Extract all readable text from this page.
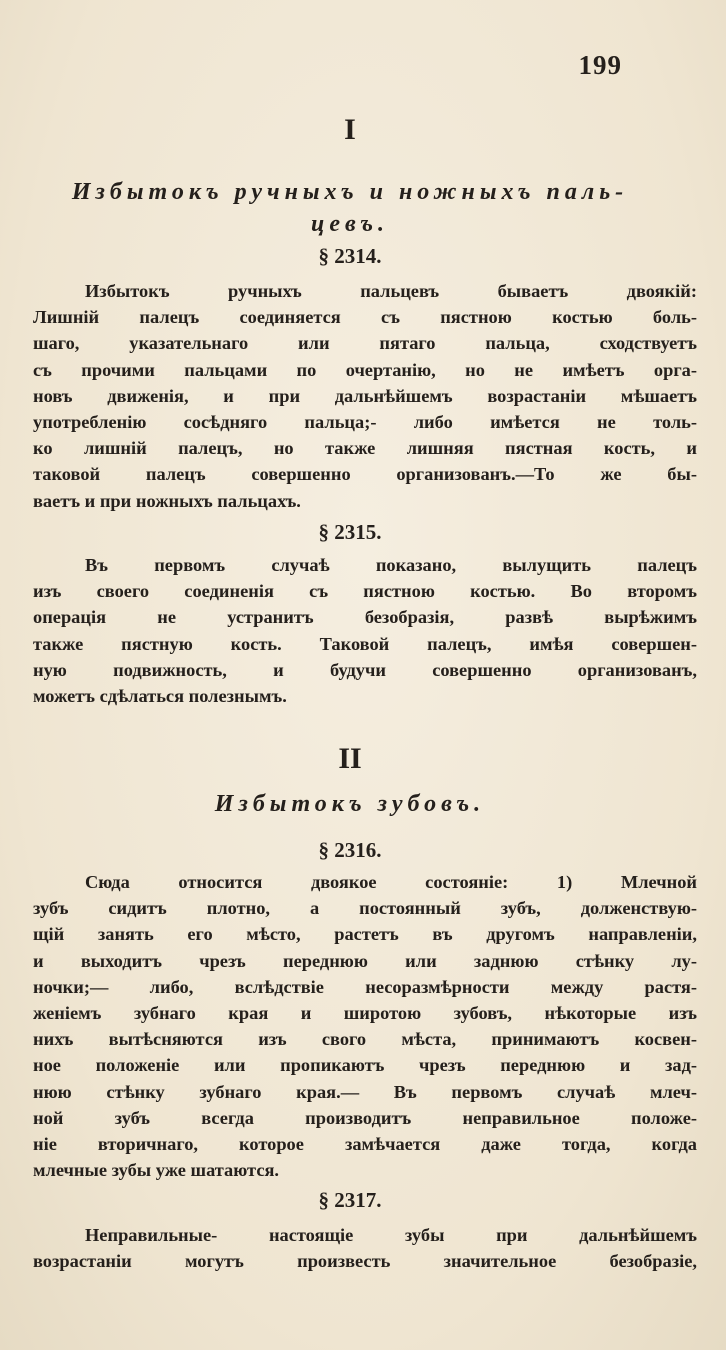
199
I
Избытокъ ручныхъ и ножныхъ паль-
цевъ.
§ 2314.
Избытокъ ручныхъ пальцевъ бываетъ двоякій:
Лишній палецъ соединяется съ пястною костью боль-
шаго, указательнаго или пятаго пальца, сходствуетъ
съ прочими пальцами по очертанію, но не имѣетъ орга-
новъ движенія, и при дальнѣйшемъ возрастаніи мѣшаетъ
употребленію сосѣдняго пальца;- либо имѣется не толь-
ко лишній палецъ, но также лишняя пястная кость, и
таковой палецъ совершенно организованъ.—То же бы-
ваетъ и при ножныхъ пальцахъ.
§ 2315.
Въ первомъ случаѣ показано, вылущить палецъ
изъ своего соединенія съ пястною костью. Во второмъ
операція не устранитъ безобразія, развѣ вырѣжимъ
также пястную кость. Таковой палецъ, имѣя совершен-
ную подвижность, и будучи совершенно организованъ,
можетъ сдѣлаться полезнымъ.
II
Избытокъ зубовъ.
§ 2316.
Сюда относится двоякое состояніе: 1) Млечной
зубъ сидитъ плотно, а постоянный зубъ, долженствую-
щій занять его мѣсто, растетъ въ другомъ направленіи,
и выходитъ чрезъ переднюю или заднюю стѣнку лу-
ночки;— либо, вслѣдствіе несоразмѣрности между растя-
женіемъ зубнаго края и широтою зубовъ, нѣкоторые изъ
нихъ вытѣсняются изъ свого мѣста, принимаютъ косвен-
ное положеніе или пропикаютъ чрезъ переднюю и зад-
нюю стѣнку зубнаго края.— Въ первомъ случаѣ млеч-
ной зубъ всегда производитъ неправильное положе-
ніе вторичнаго, которое замѣчается даже тогда, когда
млечные зубы уже шатаются.
§ 2317.
Неправильные- настоящіе зубы при дальнѣйшемъ
возрастаніи могутъ произвесть значительное безобразіе,
